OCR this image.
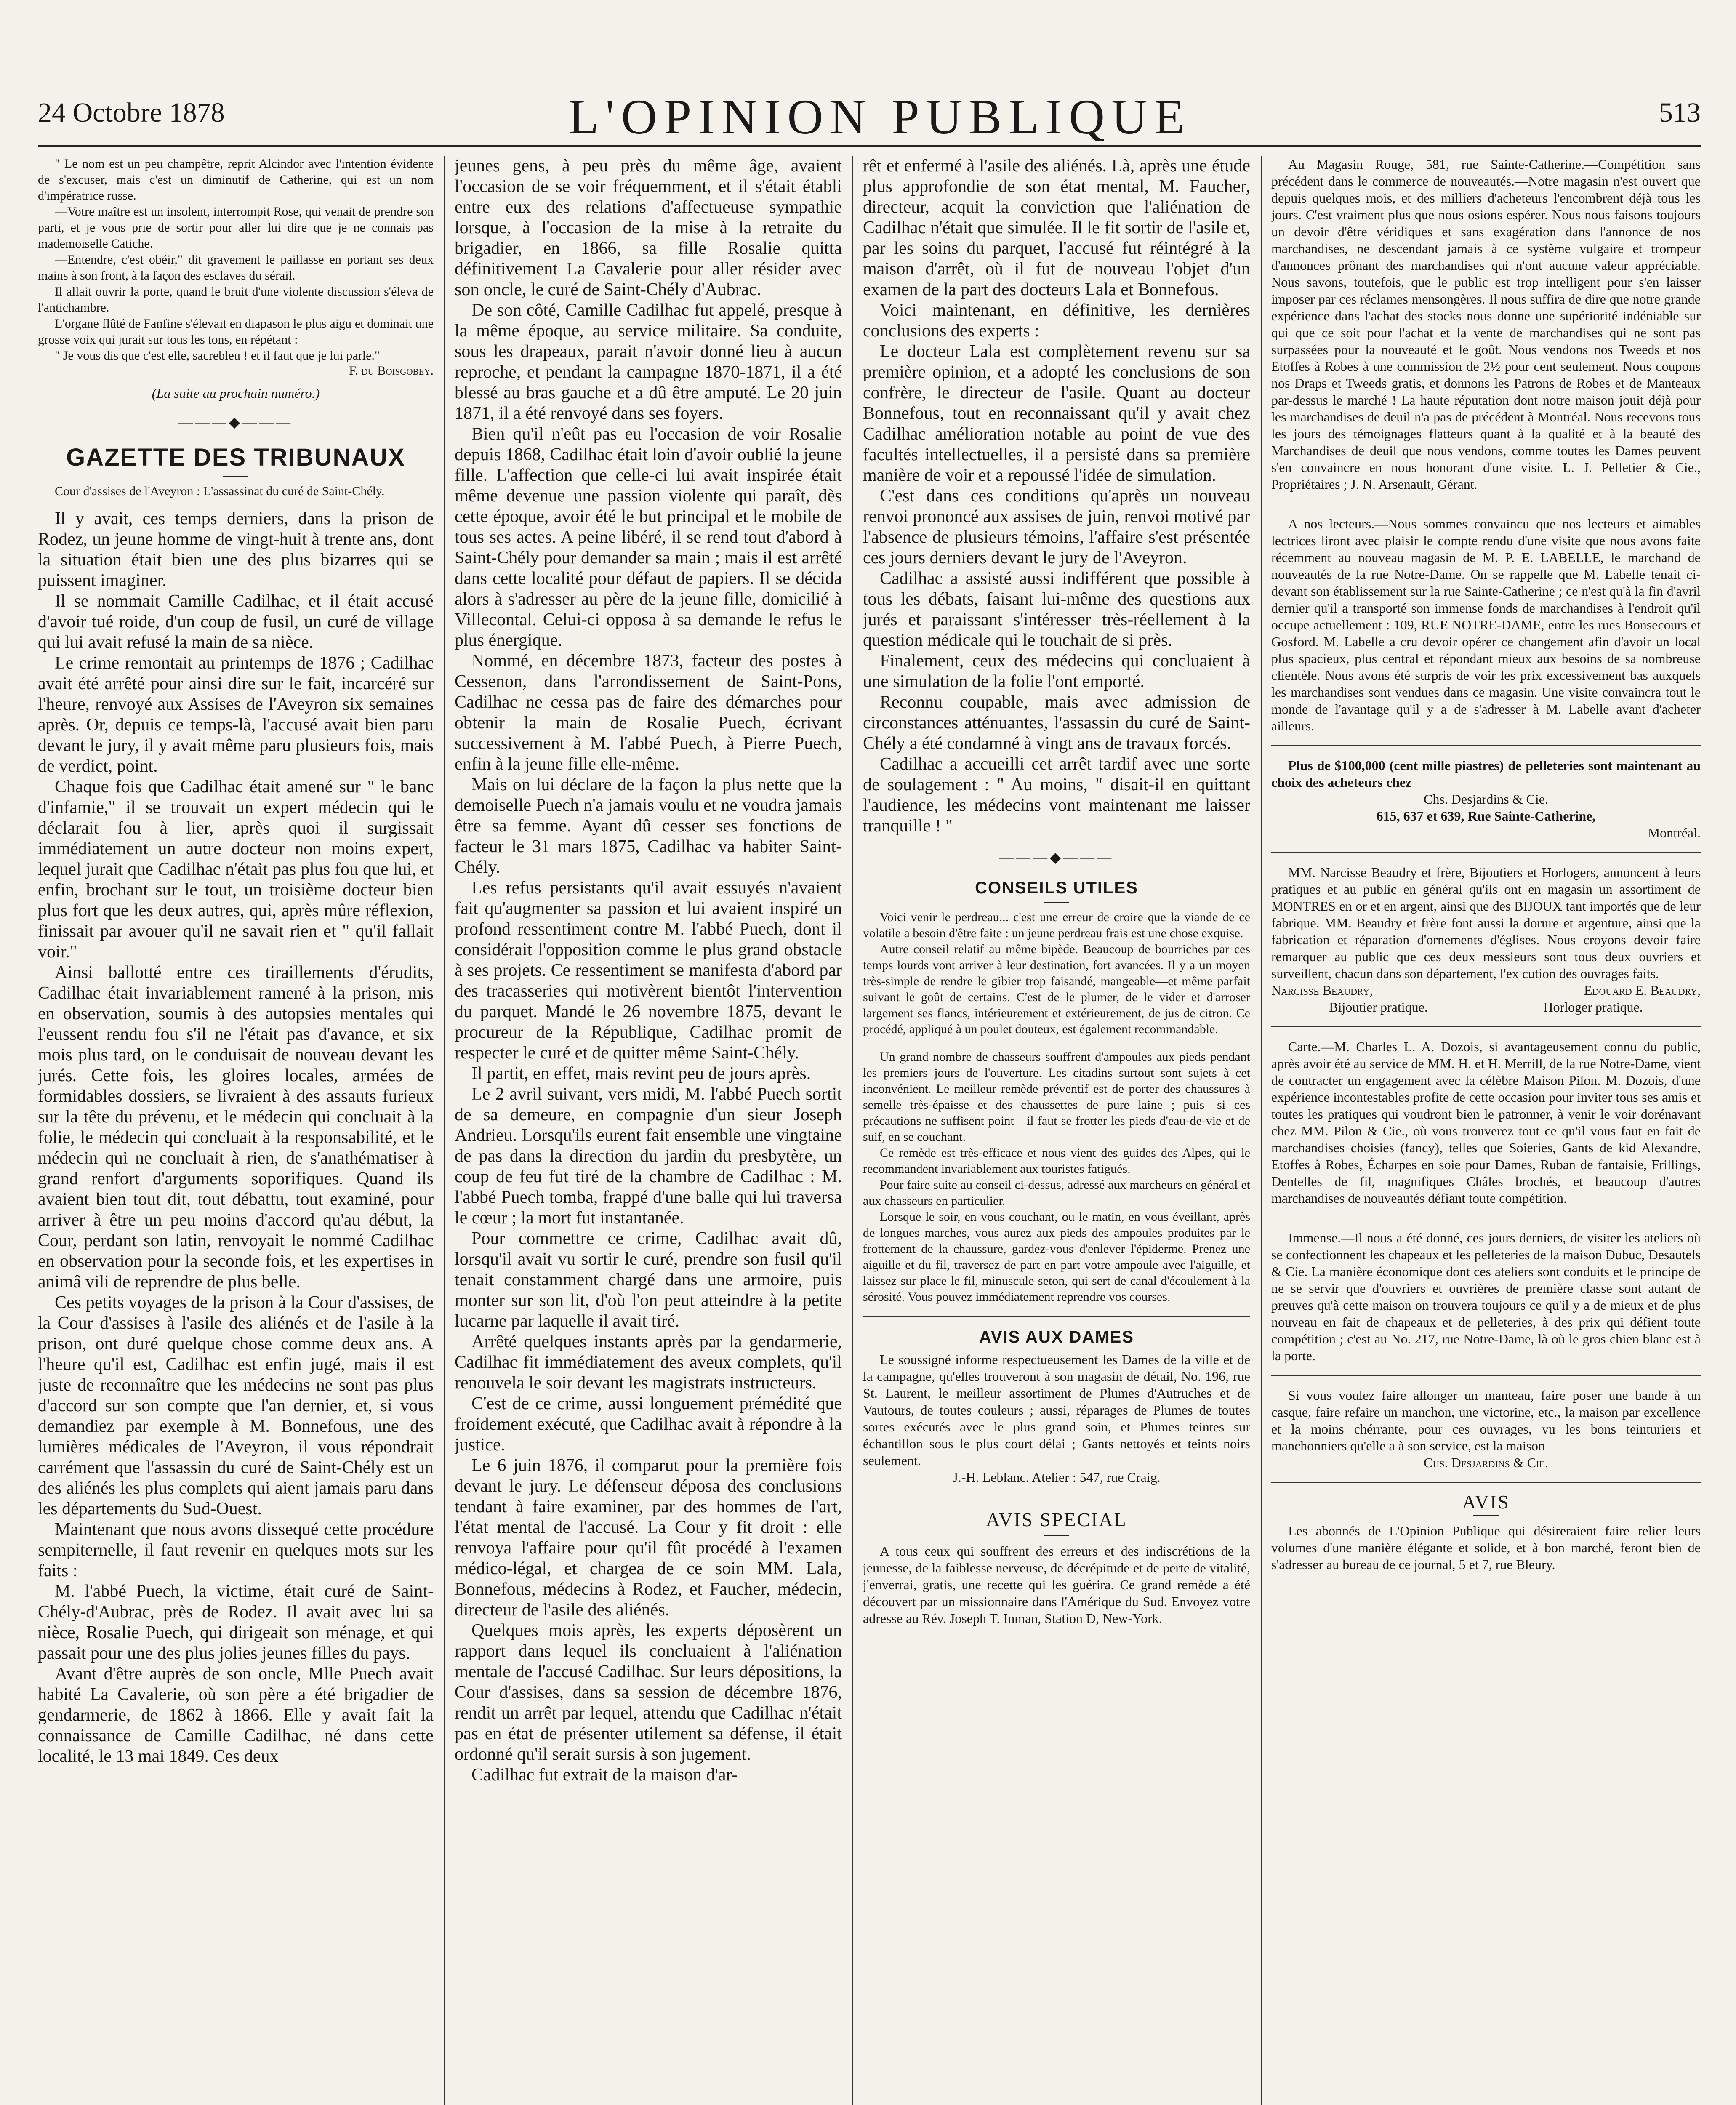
24 Octobre 1878	L'OPINION PUBLIQUE	513

" Le nom est un peu champêtre, reprit Alcindor avec l'intention évidente de s'excuser, mais c'est un diminutif de Catherine, qui est un nom d'impératrice russe.

—Votre maître est un insolent, interrompit Rose, qui venait de prendre son parti, et je vous prie de sortir pour aller lui dire que je ne connais pas mademoiselle Catiche.

—Entendre, c'est obéir," dit gravement le paillasse en portant ses deux mains à son front, à la façon des esclaves du sérail.

Il allait ouvrir la porte, quand le bruit d'une violente discussion s'éleva de l'antichambre.

L'organe flûté de Fanfine s'élevait en diapason le plus aigu et dominait une grosse voix qui jurait sur tous les tons, en répétant :

" Je vous dis que c'est elle, sacrebleu ! et il faut que je lui parle."

F. du Boisgobey.
(La suite au prochain numéro.)
———◆———
GAZETTE DES TRIBUNAUX
Cour d'assises de l'Aveyron : L'assassinat du curé de Saint-Chély.

Il y avait, ces temps derniers, dans la prison de Rodez, un jeune homme de vingt-huit à trente ans, dont la situation était bien une des plus bizarres qui se puissent imaginer.

Il se nommait Camille Cadilhac, et il était accusé d'avoir tué roide, d'un coup de fusil, un curé de village qui lui avait refusé la main de sa nièce.

Le crime remontait au printemps de 1876 ; Cadilhac avait été arrêté pour ainsi dire sur le fait, incarcéré sur l'heure, renvoyé aux Assises de l'Aveyron six semaines après. Or, depuis ce temps-là, l'accusé avait bien paru devant le jury, il y avait même paru plusieurs fois, mais de verdict, point.

Chaque fois que Cadilhac était amené sur " le banc d'infamie," il se trouvait un expert médecin qui le déclarait fou à lier, après quoi il surgissait immédiatement un autre docteur non moins expert, lequel jurait que Cadilhac n'était pas plus fou que lui, et enfin, brochant sur le tout, un troisième docteur bien plus fort que les deux autres, qui, après mûre réflexion, finissait par avouer qu'il ne savait rien et " qu'il fallait voir."

Ainsi ballotté entre ces tiraillements d'érudits, Cadilhac était invariablement ramené à la prison, mis en observation, soumis à des autopsies mentales qui l'eussent rendu fou s'il ne l'était pas d'avance, et six mois plus tard, on le conduisait de nouveau devant les jurés. Cette fois, les gloires locales, armées de formidables dossiers, se livraient à des assauts furieux sur la tête du prévenu, et le médecin qui concluait à la folie, le médecin qui concluait à la responsabilité, et le médecin qui ne concluait à rien, de s'anathématiser à grand renfort d'arguments soporifiques. Quand ils avaient bien tout dit, tout débattu, tout examiné, pour arriver à être un peu moins d'accord qu'au début, la Cour, perdant son latin, renvoyait le nommé Cadilhac en observation pour la seconde fois, et les expertises in animâ vili de reprendre de plus belle.

Ces petits voyages de la prison à la Cour d'assises, de la Cour d'assises à l'asile des aliénés et de l'asile à la prison, ont duré quelque chose comme deux ans. A l'heure qu'il est, Cadilhac est enfin jugé, mais il est juste de reconnaître que les médecins ne sont pas plus d'accord sur son compte que l'an dernier, et, si vous demandiez par exemple à M. Bonnefous, une des lumières médicales de l'Aveyron, il vous répondrait carrément que l'assassin du curé de Saint-Chély est un des aliénés les plus complets qui aient jamais paru dans les départements du Sud-Ouest.

Maintenant que nous avons dissequé cette procédure sempiternelle, il faut revenir en quelques mots sur les faits :

M. l'abbé Puech, la victime, était curé de Saint-Chély-d'Aubrac, près de Rodez. Il avait avec lui sa nièce, Rosalie Puech, qui dirigeait son ménage, et qui passait pour une des plus jolies jeunes filles du pays.

Avant d'être auprès de son oncle, Mlle Puech avait habité La Cavalerie, où son père a été brigadier de gendarmerie, de 1862 à 1866. Elle y avait fait la connaissance de Camille Cadilhac, né dans cette localité, le 13 mai 1849. Ces deux

jeunes gens, à peu près du même âge, avaient l'occasion de se voir fréquemment, et il s'était établi entre eux des relations d'affectueuse sympathie lorsque, à l'occasion de la mise à la retraite du brigadier, en 1866, sa fille Rosalie quitta définitivement La Cavalerie pour aller résider avec son oncle, le curé de Saint-Chély d'Aubrac.

De son côté, Camille Cadilhac fut appelé, presque à la même époque, au service militaire. Sa conduite, sous les drapeaux, parait n'avoir donné lieu à aucun reproche, et pendant la campagne 1870-1871, il a été blessé au bras gauche et a dû être amputé. Le 20 juin 1871, il a été renvoyé dans ses foyers.

Bien qu'il n'eût pas eu l'occasion de voir Rosalie depuis 1868, Cadilhac était loin d'avoir oublié la jeune fille. L'affection que celle-ci lui avait inspirée était même devenue une passion violente qui paraît, dès cette époque, avoir été le but principal et le mobile de tous ses actes. A peine libéré, il se rend tout d'abord à Saint-Chély pour demander sa main ; mais il est arrêté dans cette localité pour défaut de papiers. Il se décida alors à s'adresser au père de la jeune fille, domicilié à Villecontal. Celui-ci opposa à sa demande le refus le plus énergique.

Nommé, en décembre 1873, facteur des postes à Cessenon, dans l'arrondissement de Saint-Pons, Cadilhac ne cessa pas de faire des démarches pour obtenir la main de Rosalie Puech, écrivant successivement à M. l'abbé Puech, à Pierre Puech, enfin à la jeune fille elle-même.

Mais on lui déclare de la façon la plus nette que la demoiselle Puech n'a jamais voulu et ne voudra jamais être sa femme. Ayant dû cesser ses fonctions de facteur le 31 mars 1875, Cadilhac va habiter Saint-Chély.

Les refus persistants qu'il avait essuyés n'avaient fait qu'augmenter sa passion et lui avaient inspiré un profond ressentiment contre M. l'abbé Puech, dont il considérait l'opposition comme le plus grand obstacle à ses projets. Ce ressentiment se manifesta d'abord par des tracasseries qui motivèrent bientôt l'intervention du parquet. Mandé le 26 novembre 1875, devant le procureur de la République, Cadilhac promit de respecter le curé et de quitter même Saint-Chély.

Il partit, en effet, mais revint peu de jours après.

Le 2 avril suivant, vers midi, M. l'abbé Puech sortit de sa demeure, en compagnie d'un sieur Joseph Andrieu. Lorsqu'ils eurent fait ensemble une vingtaine de pas dans la direction du jardin du presbytère, un coup de feu fut tiré de la chambre de Cadilhac : M. l'abbé Puech tomba, frappé d'une balle qui lui traversa le cœur ; la mort fut instantanée.

Pour commettre ce crime, Cadilhac avait dû, lorsqu'il avait vu sortir le curé, prendre son fusil qu'il tenait constamment chargé dans une armoire, puis monter sur son lit, d'où l'on peut atteindre à la petite lucarne par laquelle il avait tiré.

Arrêté quelques instants après par la gendarmerie, Cadilhac fit immédiatement des aveux complets, qu'il renouvela le soir devant les magistrats instructeurs.

C'est de ce crime, aussi longuement prémédité que froidement exécuté, que Cadilhac avait à répondre à la justice.

Le 6 juin 1876, il comparut pour la première fois devant le jury. Le défenseur déposa des conclusions tendant à faire examiner, par des hommes de l'art, l'état mental de l'accusé. La Cour y fit droit : elle renvoya l'affaire pour qu'il fût procédé à l'examen médico-légal, et chargea de ce soin MM. Lala, Bonnefous, médecins à Rodez, et Faucher, médecin, directeur de l'asile des aliénés.

Quelques mois après, les experts déposèrent un rapport dans lequel ils concluaient à l'aliénation mentale de l'accusé Cadilhac. Sur leurs dépositions, la Cour d'assises, dans sa session de décembre 1876, rendit un arrêt par lequel, attendu que Cadilhac n'était pas en état de présenter utilement sa défense, il était ordonné qu'il serait sursis à son jugement.

Cadilhac fut extrait de la maison d'ar-

rêt et enfermé à l'asile des aliénés. Là, après une étude plus approfondie de son état mental, M. Faucher, directeur, acquit la conviction que l'aliénation de Cadilhac n'était que simulée. Il le fit sortir de l'asile et, par les soins du parquet, l'accusé fut réintégré à la maison d'arrêt, où il fut de nouveau l'objet d'un examen de la part des docteurs Lala et Bonnefous.

Voici maintenant, en définitive, les dernières conclusions des experts :

Le docteur Lala est complètement revenu sur sa première opinion, et a adopté les conclusions de son confrère, le directeur de l'asile. Quant au docteur Bonnefous, tout en reconnaissant qu'il y avait chez Cadilhac amélioration notable au point de vue des facultés intellectuelles, il a persisté dans sa première manière de voir et a repoussé l'idée de simulation.

C'est dans ces conditions qu'après un nouveau renvoi prononcé aux assises de juin, renvoi motivé par l'absence de plusieurs témoins, l'affaire s'est présentée ces jours derniers devant le jury de l'Aveyron.

Cadilhac a assisté aussi indifférent que possible à tous les débats, faisant lui-même des questions aux jurés et paraissant s'intéresser très-réellement à la question médicale qui le touchait de si près.

Finalement, ceux des médecins qui concluaient à une simulation de la folie l'ont emporté.

Reconnu coupable, mais avec admission de circonstances atténuantes, l'assassin du curé de Saint-Chély a été condamné à vingt ans de travaux forcés.

Cadilhac a accueilli cet arrêt tardif avec une sorte de soulagement : " Au moins, " disait-il en quittant l'audience, les médecins vont maintenant me laisser tranquille ! "

———◆———
CONSEILS UTILES

Voici venir le perdreau... c'est une erreur de croire que la viande de ce volatile a besoin d'être faite : un jeune perdreau frais est une chose exquise.

Autre conseil relatif au même bipède. Beaucoup de bourriches par ces temps lourds vont arriver à leur destination, fort avancées. Il y a un moyen très-simple de rendre le gibier trop faisandé, mangeable—et même parfait suivant le goût de certains. C'est de le plumer, de le vider et d'arroser largement ses flancs, intérieurement et extérieurement, de jus de citron. Ce procédé, appliqué à un poulet douteux, est également recommandable.

Un grand nombre de chasseurs souffrent d'ampoules aux pieds pendant les premiers jours de l'ouverture. Les citadins surtout sont sujets à cet inconvénient. Le meilleur remède préventif est de porter des chaussures à semelle très-épaisse et des chaussettes de pure laine ; puis—si ces précautions ne suffisent point—il faut se frotter les pieds d'eau-de-vie et de suif, en se couchant.

Ce remède est très-efficace et nous vient des guides des Alpes, qui le recommandent invariablement aux touristes fatigués.

Pour faire suite au conseil ci-dessus, adressé aux marcheurs en général et aux chasseurs en particulier.

Lorsque le soir, en vous couchant, ou le matin, en vous éveillant, après de longues marches, vous aurez aux pieds des ampoules produites par le frottement de la chaussure, gardez-vous d'enlever l'épiderme. Prenez une aiguille et du fil, traversez de part en part votre ampoule avec l'aiguille, et laissez sur place le fil, minuscule seton, qui sert de canal d'écoulement à la sérosité. Vous pouvez immédiatement reprendre vos courses.

AVIS AUX DAMES

Le soussigné informe respectueusement les Dames de la ville et de la campagne, qu'elles trouveront à son magasin de détail, No. 196, rue St. Laurent, le meilleur assortiment de Plumes d'Autruches et de Vautours, de toutes couleurs ; aussi, réparages de Plumes de toutes sortes exécutés avec le plus grand soin, et Plumes teintes sur échantillon sous le plus court délai ; Gants nettoyés et teints noirs seulement.

J.-H. Leblanc. Atelier : 547, rue Craig.

AVIS SPECIAL

A tous ceux qui souffrent des erreurs et des indiscrétions de la jeunesse, de la faiblesse nerveuse, de décrépitude et de perte de vitalité, j'enverrai, gratis, une recette qui les guérira. Ce grand remède a été découvert par un missionnaire dans l'Amérique du Sud. Envoyez votre adresse au Rév. Joseph T. Inman, Station D, New-York.

Au Magasin Rouge, 581, rue Sainte-Catherine.—Compétition sans précédent dans le commerce de nouveautés.—Notre magasin n'est ouvert que depuis quelques mois, et des milliers d'acheteurs l'encombrent déjà tous les jours. C'est vraiment plus que nous osions espérer. Nous nous faisons toujours un devoir d'être véridiques et sans exagération dans l'annonce de nos marchandises, ne descendant jamais à ce système vulgaire et trompeur d'annonces prônant des marchandises qui n'ont aucune valeur appréciable. Nous savons, toutefois, que le public est trop intelligent pour s'en laisser imposer par ces réclames mensongères. Il nous suffira de dire que notre grande expérience dans l'achat des stocks nous donne une supériorité indéniable sur qui que ce soit pour l'achat et la vente de marchandises qui ne sont pas surpassées pour la nouveauté et le goût. Nous vendons nos Tweeds et nos Etoffes à Robes à une commission de 2½ pour cent seulement. Nous coupons nos Draps et Tweeds gratis, et donnons les Patrons de Robes et de Manteaux par-dessus le marché ! La haute réputation dont notre maison jouit déjà pour les marchandises de deuil n'a pas de précédent à Montréal. Nous recevons tous les jours des témoignages flatteurs quant à la qualité et à la beauté des Marchandises de deuil que nous vendons, comme toutes les Dames peuvent s'en convaincre en nous honorant d'une visite. L. J. Pelletier & Cie., Propriétaires ; J. N. Arsenault, Gérant.

A nos lecteurs.—Nous sommes convaincu que nos lecteurs et aimables lectrices liront avec plaisir le compte rendu d'une visite que nous avons faite récemment au nouveau magasin de M. P. E. LABELLE, le marchand de nouveautés de la rue Notre-Dame. On se rappelle que M. Labelle tenait ci-devant son établissement sur la rue Sainte-Catherine ; ce n'est qu'à la fin d'avril dernier qu'il a transporté son immense fonds de marchandises à l'endroit qu'il occupe actuellement : 109, RUE NOTRE-DAME, entre les rues Bonsecours et Gosford. M. Labelle a cru devoir opérer ce changement afin d'avoir un local plus spacieux, plus central et répondant mieux aux besoins de sa nombreuse clientèle. Nous avons été surpris de voir les prix excessivement bas auxquels les marchandises sont vendues dans ce magasin. Une visite convaincra tout le monde de l'avantage qu'il y a de s'adresser à M. Labelle avant d'acheter ailleurs.

Plus de $100,000 (cent mille piastres) de pelleteries sont maintenant au choix des acheteurs chez

Chs. Desjardins & Cie.
615, 637 et 639, Rue Sainte-Catherine,
Montréal.

MM. Narcisse Beaudry et frère, Bijoutiers et Horlogers, annoncent à leurs pratiques et au public en général qu'ils ont en magasin un assortiment de MONTRES en or et en argent, ainsi que des BIJOUX tant importés que de leur fabrique. MM. Beaudry et frère font aussi la dorure et argenture, ainsi que la fabrication et réparation d'ornements d'églises. Nous croyons devoir faire remarquer au public que ces deux messieurs sont tous deux ouvriers et surveillent, chacun dans son département, l'ex cution des ouvrages faits.

Narcisse Beaudry,	Edouard E. Beaudry,
Bijoutier pratique.	Horloger pratique.

Carte.—M. Charles L. A. Dozois, si avantageusement connu du public, après avoir été au service de MM. H. et H. Merrill, de la rue Notre-Dame, vient de contracter un engagement avec la célèbre Maison Pilon. M. Dozois, d'une expérience incontestables profite de cette occasion pour inviter tous ses amis et toutes les pratiques qui voudront bien le patronner, à venir le voir dorénavant chez MM. Pilon & Cie., où vous trouverez tout ce qu'il vous faut en fait de marchandises choisies (fancy), telles que Soieries, Gants de kid Alexandre, Etoffes à Robes, Écharpes en soie pour Dames, Ruban de fantaisie, Frillings, Dentelles de fil, magnifiques Châles brochés, et beaucoup d'autres marchandises de nouveautés défiant toute compétition.

Immense.—Il nous a été donné, ces jours derniers, de visiter les ateliers où se confectionnent les chapeaux et les pelleteries de la maison Dubuc, Desautels & Cie. La manière économique dont ces ateliers sont conduits et le principe de ne se servir que d'ouvriers et ouvrières de première classe sont autant de preuves qu'à cette maison on trouvera toujours ce qu'il y a de mieux et de plus nouveau en fait de chapeaux et de pelleteries, à des prix qui défient toute compétition ; c'est au No. 217, rue Notre-Dame, là où le gros chien blanc est à la porte.

Si vous voulez faire allonger un manteau, faire poser une bande à un casque, faire refaire un manchon, une victorine, etc., la maison par excellence et la moins chérrante, pour ces ouvrages, vu les bons teinturiers et manchonniers qu'elle a à son service, est la maison

Chs. Desjardins & Cie.
AVIS

Les abonnés de L'Opinion Publique qui désireraient faire relier leurs volumes d'une manière élégante et solide, et à bon marché, feront bien de s'adresser au bureau de ce journal, 5 et 7, rue Bleury.
